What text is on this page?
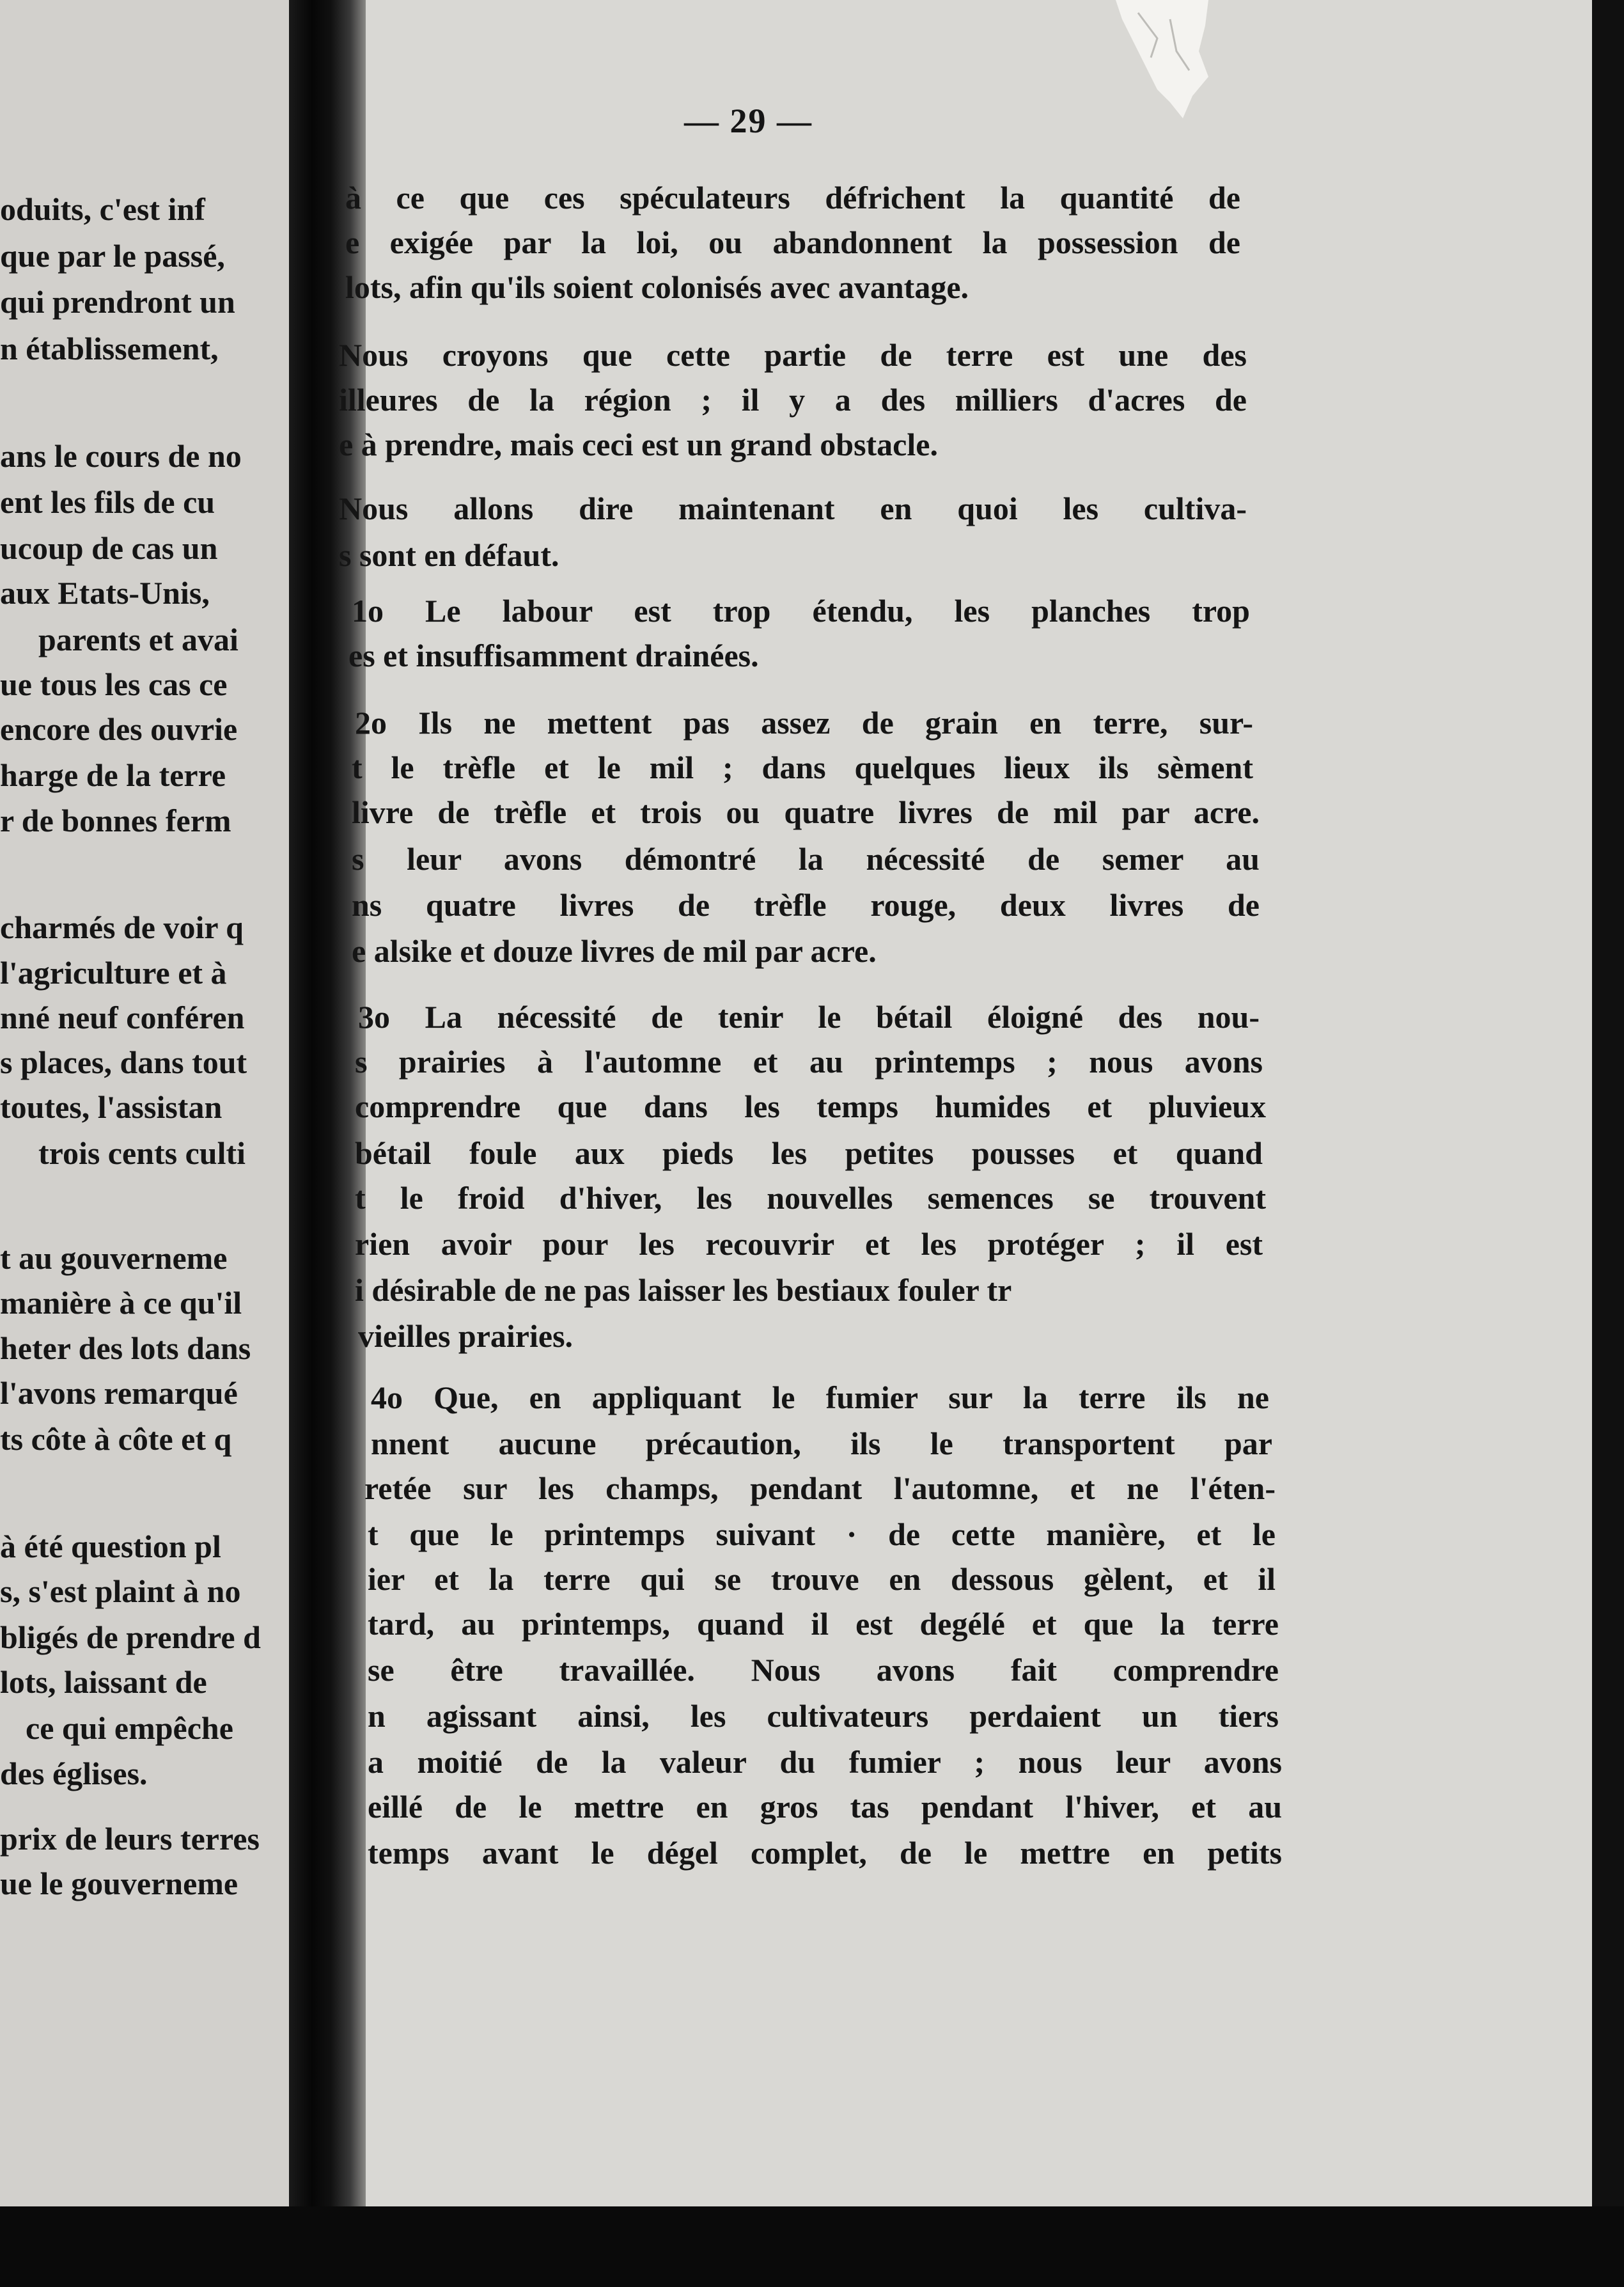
oduits, c'est inf
que par le passé,
qui prendront un
n établissement,
ans le cours de no
ent les fils de cu
ucoup de cas un
aux Etats-Unis,
parents et avai
ue tous les cas ce
encore des ouvrie
harge de la terre
r de bonnes ferm
charmés de voir q
l'agriculture et à
nné neuf conféren
s places, dans tout
toutes, l'assistan
trois cents culti
t au gouverneme
manière à ce qu'il
heter des lots dans
l'avons remarqué
ts côte à côte et q
à été question pl
s, s'est plaint à no
bligés de prendre d
lots, laissant de
ce qui empêche
des églises.
prix de leurs terres
ue le gouverneme
— 29 —
à ce que ces spéculateurs défrichent la quantité de
e exigée par la loi, ou abandonnent la possession de
lots, afin qu'ils soient colonisés avec avantage.
Nous croyons que cette partie de terre est une des
illeures de la région ; il y a des milliers d'acres de
e à prendre, mais ceci est un grand obstacle.
Nous allons dire maintenant en quoi les cultiva-
s sont en défaut.
1o Le labour est trop étendu, les planches trop
es et insuffisamment drainées.
2o Ils ne mettent pas assez de grain en terre, sur-
t le trèfle et le mil ; dans quelques lieux ils sèment
livre de trèfle et trois ou quatre livres de mil par acre.
s leur avons démontré la nécessité de semer au
ns quatre livres de trèfle rouge, deux livres de
e alsike et douze livres de mil par acre.
3o La nécessité de tenir le bétail éloigné des nou-
s prairies à l'automne et au printemps ; nous avons
comprendre que dans les temps humides et pluvieux
bétail foule aux pieds les petites pousses et quand
t le froid d'hiver, les nouvelles semences se trouvent
rien avoir pour les recouvrir et les protéger ; il est
i désirable de ne pas laisser les bestiaux fouler tr
vieilles prairies.
4o Que, en appliquant le fumier sur la terre ils ne
nnent aucune précaution, ils le transportent par
retée sur les champs, pendant l'automne, et ne l'éten-
t que le printemps suivant · de cette manière, et le
ier et la terre qui se trouve en dessous gèlent, et il
tard, au printemps, quand il est degélé et que la terre
se être travaillée. Nous avons fait comprendre
n agissant ainsi, les cultivateurs perdaient un tiers
a moitié de la valeur du fumier ; nous leur avons
eillé de le mettre en gros tas pendant l'hiver, et au
temps avant le dégel complet, de le mettre en petits
